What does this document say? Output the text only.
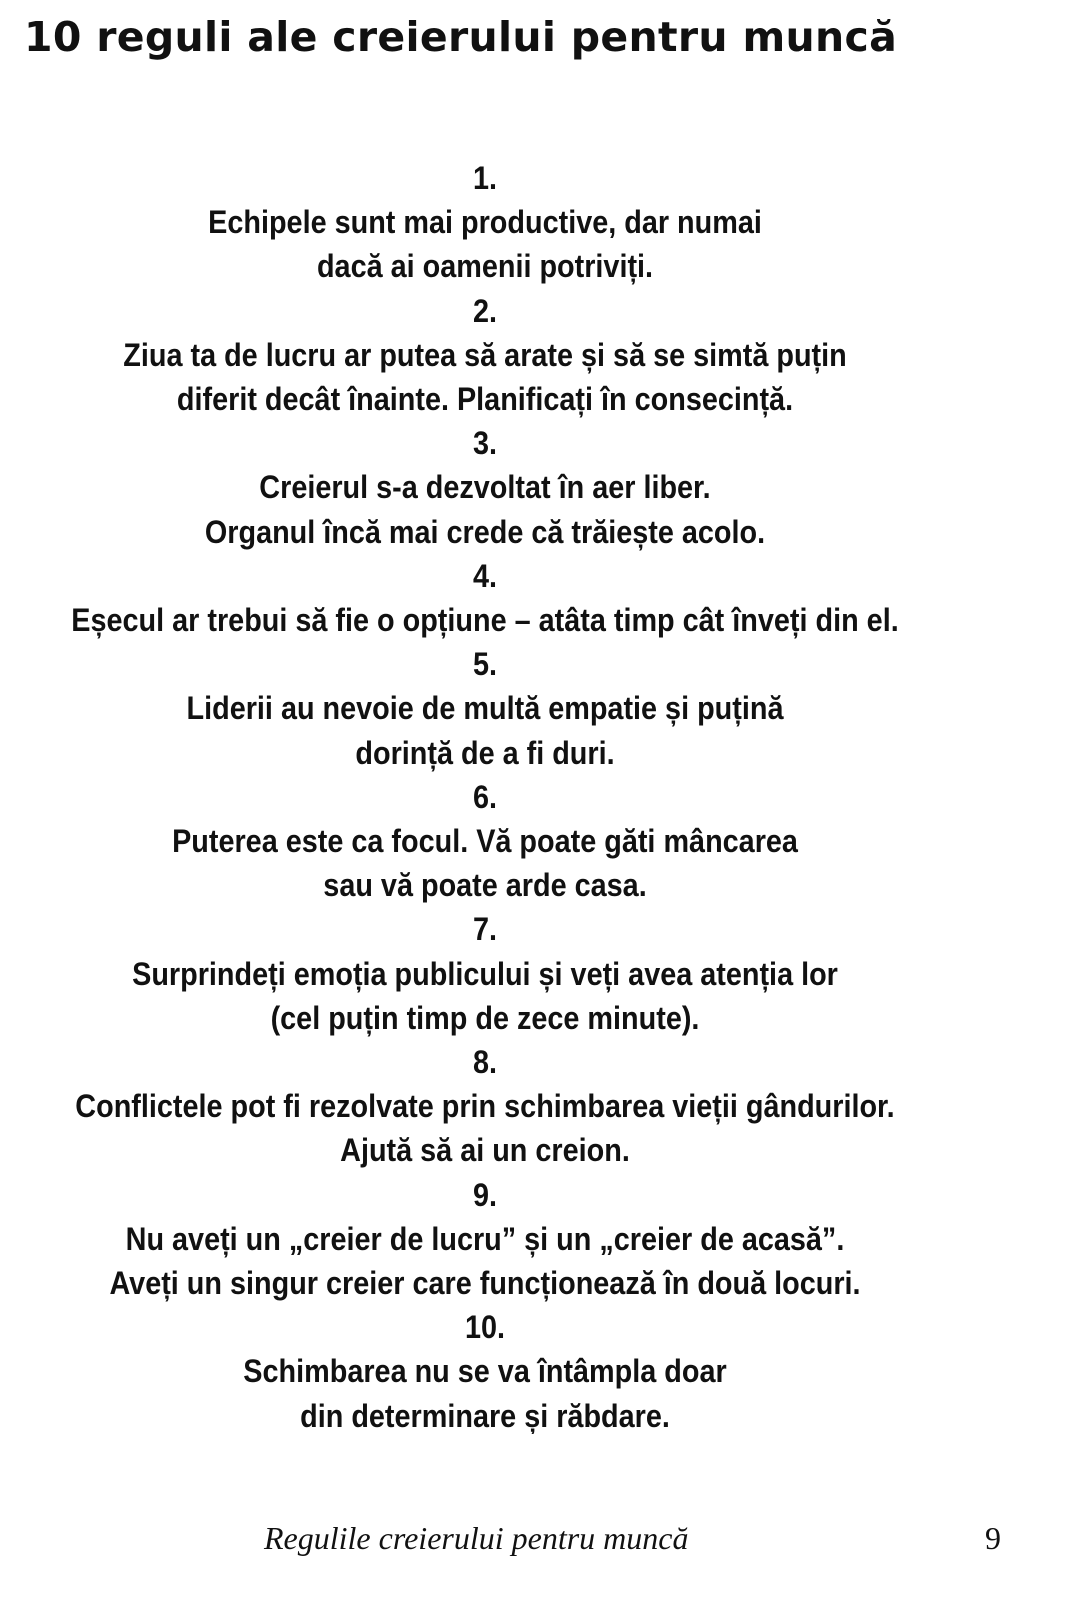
10 reguli ale creierului pentru muncă
1.
Echipele sunt mai productive, dar numai
dacă ai oamenii potriviți.
2.
Ziua ta de lucru ar putea să arate și să se simtă puțin
diferit decât înainte. Planificați în consecință.
3.
Creierul s-a dezvoltat în aer liber.
Organul încă mai crede că trăiește acolo.
4.
Eșecul ar trebui să fie o opțiune – atâta timp cât înveți din el.
5.
Liderii au nevoie de multă empatie și puțină
dorință de a fi duri.
6.
Puterea este ca focul. Vă poate găti mâncarea
sau vă poate arde casa.
7.
Surprindeți emoția publicului și veți avea atenția lor
(cel puțin timp de zece minute).
8.
Conflictele pot fi rezolvate prin schimbarea vieții gândurilor.
Ajută să ai un creion.
9.
Nu aveți un „creier de lucru” și un „creier de acasă”.
Aveți un singur creier care funcționează în două locuri.
10.
Schimbarea nu se va întâmpla doar
din determinare și răbdare.
Regulile creierului pentru muncă	9
